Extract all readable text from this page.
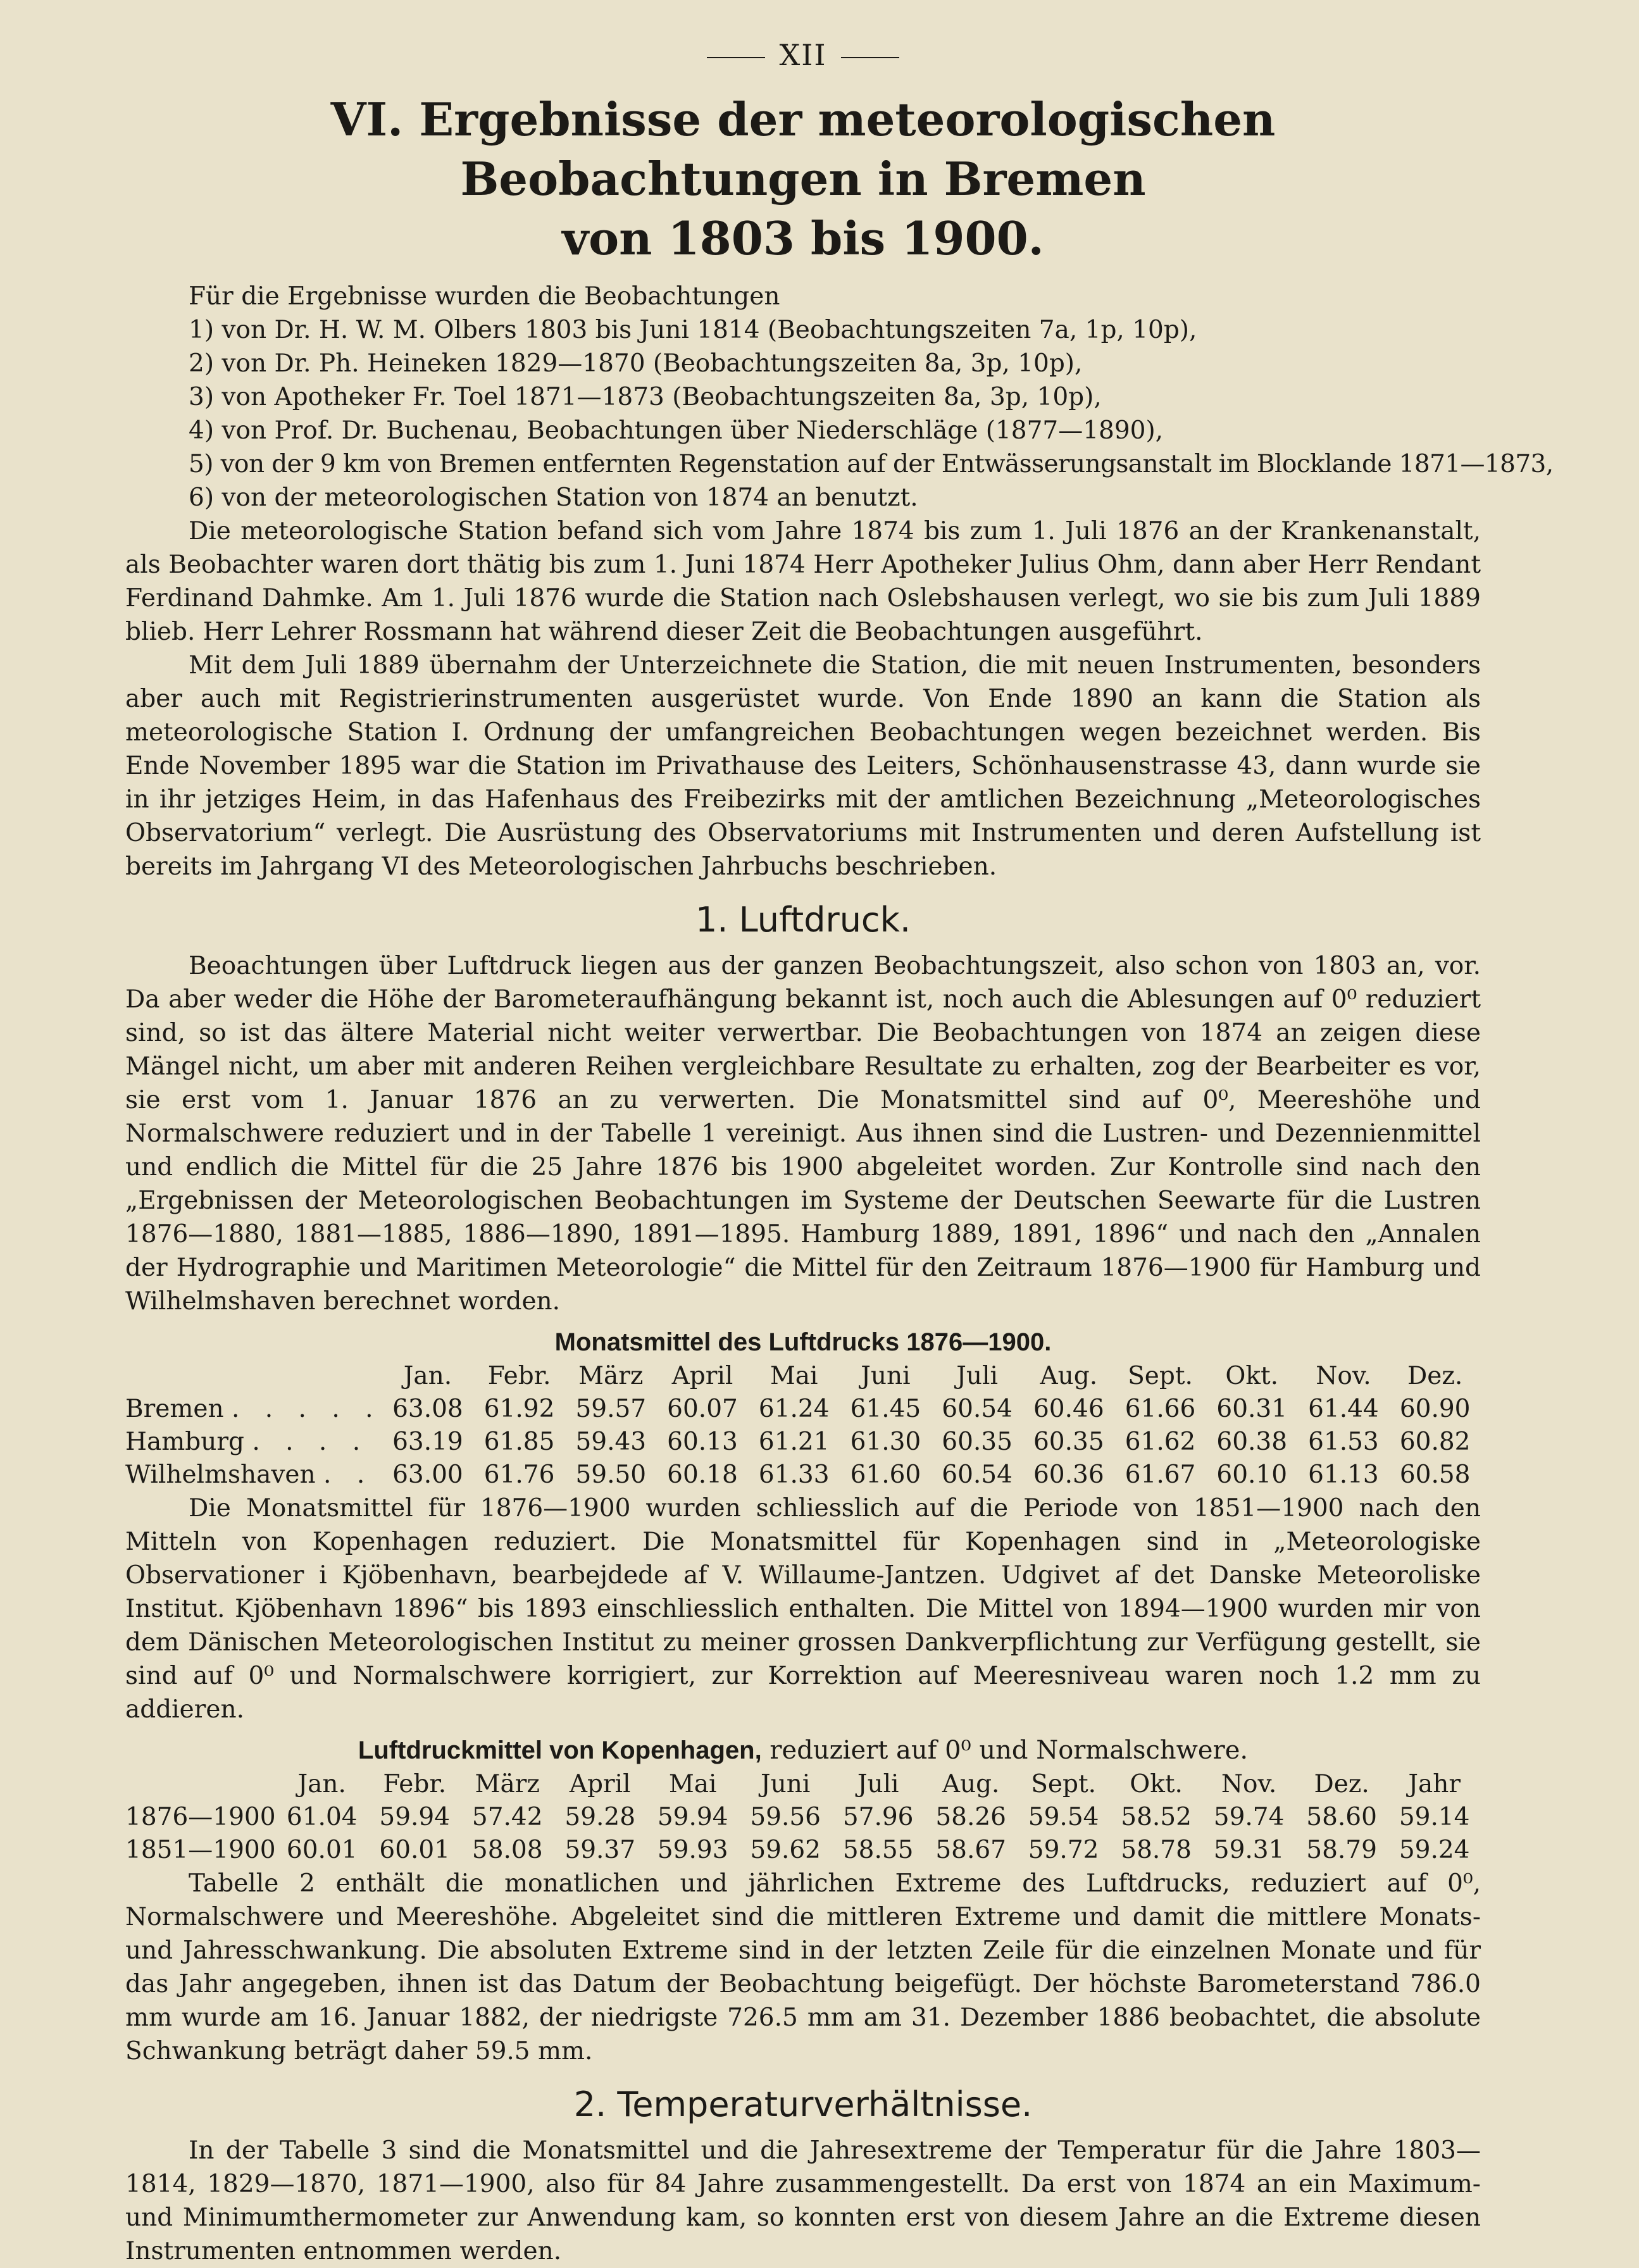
XII
VI. Ergebnisse der meteorologischen Beobachtungen in Bremen
von 1803 bis 1900.

Für die Ergebnisse wurden die Beobachtungen

1) von Dr. H. W. M. Olbers 1803 bis Juni 1814 (Beobachtungszeiten 7a, 1p, 10p),
2) von Dr. Ph. Heineken 1829—1870 (Beobachtungszeiten 8a, 3p, 10p),
3) von Apotheker Fr. Toel 1871—1873 (Beobachtungszeiten 8a, 3p, 10p),
4) von Prof. Dr. Buchenau, Beobachtungen über Niederschläge (1877—1890),
5) von der 9 km von Bremen entfernten Regenstation auf der Entwässerungsanstalt im Blocklande 1871—1873,
6) von der meteorologischen Station von 1874 an benutzt.

Die meteorologische Station befand sich vom Jahre 1874 bis zum 1. Juli 1876 an der Krankenanstalt, als Beobachter waren dort thätig bis zum 1. Juni 1874 Herr Apotheker Julius Ohm, dann aber Herr Rendant Ferdinand Dahmke. Am 1. Juli 1876 wurde die Station nach Oslebshausen verlegt, wo sie bis zum Juli 1889 blieb. Herr Lehrer Rossmann hat während dieser Zeit die Beobachtungen ausgeführt.

Mit dem Juli 1889 übernahm der Unterzeichnete die Station, die mit neuen Instrumenten, besonders aber auch mit Registrierinstrumenten ausgerüstet wurde. Von Ende 1890 an kann die Station als meteorologische Station I. Ordnung der umfangreichen Beobachtungen wegen bezeichnet werden. Bis Ende November 1895 war die Station im Privathause des Leiters, Schönhausenstrasse 43, dann wurde sie in ihr jetziges Heim, in das Hafenhaus des Freibezirks mit der amtlichen Bezeichnung „Meteorologisches Observatorium“ verlegt. Die Ausrüstung des Observatoriums mit Instrumenten und deren Aufstellung ist bereits im Jahrgang VI des Meteorologischen Jahrbuchs beschrieben.

1. Luftdruck.

Beoachtungen über Luftdruck liegen aus der ganzen Beobachtungszeit, also schon von 1803 an, vor. Da aber weder die Höhe der Barometeraufhängung bekannt ist, noch auch die Ablesungen auf 0⁰ reduziert sind, so ist das ältere Material nicht weiter verwertbar. Die Beobachtungen von 1874 an zeigen diese Mängel nicht, um aber mit anderen Reihen vergleichbare Resultate zu erhalten, zog der Bearbeiter es vor, sie erst vom 1. Januar 1876 an zu verwerten. Die Monatsmittel sind auf 0⁰, Meereshöhe und Normalschwere reduziert und in der Tabelle 1 vereinigt. Aus ihnen sind die Lustren- und Dezennienmittel und endlich die Mittel für die 25 Jahre 1876 bis 1900 abgeleitet worden. Zur Kontrolle sind nach den „Ergebnissen der Meteorologischen Beobachtungen im Systeme der Deutschen Seewarte für die Lustren 1876—1880, 1881—1885, 1886—1890, 1891—1895. Hamburg 1889, 1891, 1896“ und nach den „Annalen der Hydrographie und Maritimen Meteorologie“ die Mittel für den Zeitraum 1876—1900 für Hamburg und Wilhelmshaven berechnet worden.

Monatsmittel des Luftdrucks 1876—1900.
	Jan.	Febr.	März	April	Mai	Juni	Juli	Aug.	Sept.	Okt.	Nov.	Dez.
Bremen . . . . .	63.08	61.92	59.57	60.07	61.24	61.45	60.54	60.46	61.66	60.31	61.44	60.90
Hamburg . . . .	63.19	61.85	59.43	60.13	61.21	61.30	60.35	60.35	61.62	60.38	61.53	60.82
Wilhelmshaven . .	63.00	61.76	59.50	60.18	61.33	61.60	60.54	60.36	61.67	60.10	61.13	60.58

Die Monatsmittel für 1876—1900 wurden schliesslich auf die Periode von 1851—1900 nach den Mitteln von Kopenhagen reduziert. Die Monatsmittel für Kopenhagen sind in „Meteorologiske Observationer i Kjöbenhavn, bearbejdede af V. Willaume-Jantzen. Udgivet af det Danske Meteoroliske Institut. Kjöbenhavn 1896“ bis 1893 einschliesslich enthalten. Die Mittel von 1894—1900 wurden mir von dem Dänischen Meteorologischen Institut zu meiner grossen Dankverpflichtung zur Verfügung gestellt, sie sind auf 0⁰ und Normalschwere korrigiert, zur Korrektion auf Meeresniveau waren noch 1.2 mm zu addieren.

Luftdruckmittel von Kopenhagen, reduziert auf 0⁰ und Normalschwere.
	Jan.	Febr.	März	April	Mai	Juni	Juli	Aug.	Sept.	Okt.	Nov.	Dez.	Jahr
1876—1900	61.04	59.94	57.42	59.28	59.94	59.56	57.96	58.26	59.54	58.52	59.74	58.60	59.14
1851—1900	60.01	60.01	58.08	59.37	59.93	59.62	58.55	58.67	59.72	58.78	59.31	58.79	59.24

Tabelle 2 enthält die monatlichen und jährlichen Extreme des Luftdrucks, reduziert auf 0⁰, Normalschwere und Meereshöhe. Abgeleitet sind die mittleren Extreme und damit die mittlere Monats- und Jahresschwankung. Die absoluten Extreme sind in der letzten Zeile für die einzelnen Monate und für das Jahr angegeben, ihnen ist das Datum der Beobachtung beigefügt. Der höchste Barometerstand 786.0 mm wurde am 16. Januar 1882, der niedrigste 726.5 mm am 31. Dezember 1886 beobachtet, die absolute Schwankung beträgt daher 59.5 mm.

2. Temperaturverhältnisse.

In der Tabelle 3 sind die Monatsmittel und die Jahresextreme der Temperatur für die Jahre 1803—1814, 1829—1870, 1871—1900, also für 84 Jahre zusammengestellt. Da erst von 1874 an ein Maximum- und Minimumthermometer zur Anwendung kam, so konnten erst von diesem Jahre an die Extreme diesen Instrumenten entnommen werden.
